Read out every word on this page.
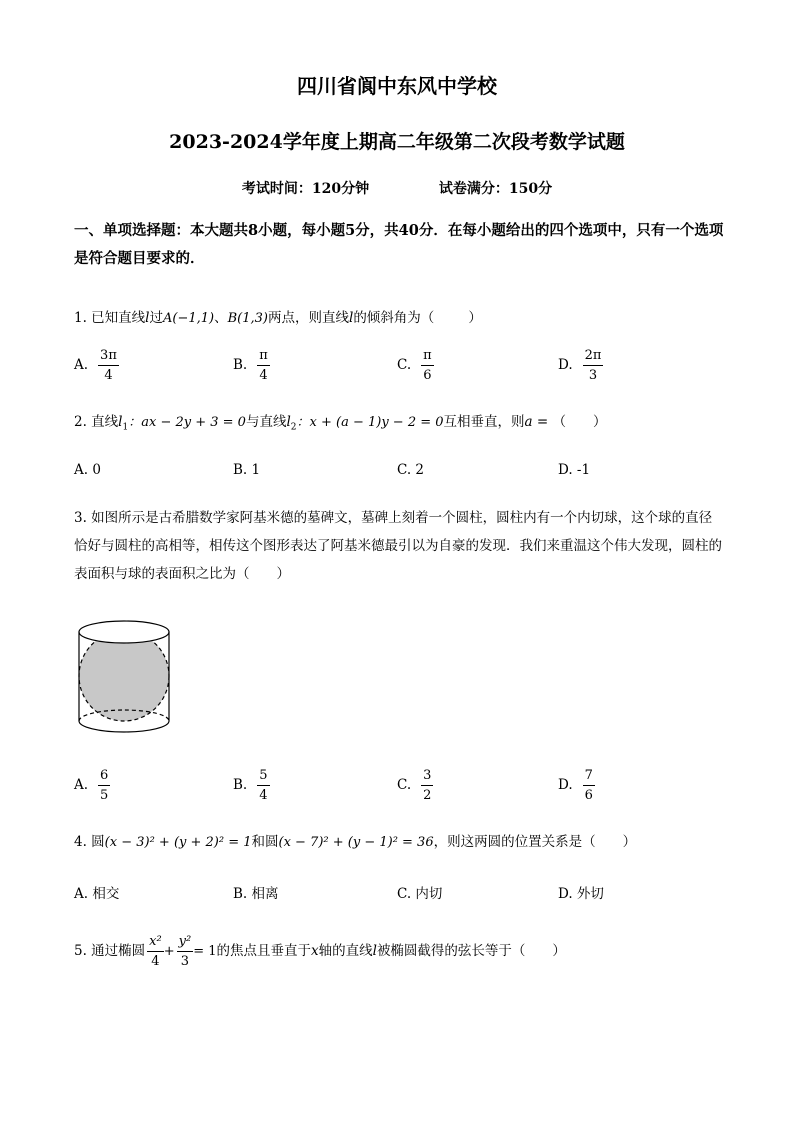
四川省阆中东风中学校
2023-2024学年度上期高二年级第二次段考数学试题
考试时间：120分钟	试卷满分：150分
一、单项选择题：本大题共8小题，每小题5分，共40分．在每小题给出的四个选项中，只有一个选项是符合题目要求的．
1. 已知直线l过A(−1,1)、B(1,3)两点，则直线l的倾斜角为（	）
A. $\frac{3\pi}{4}$	B. $\frac{\pi}{4}$	C. $\frac{\pi}{6}$	D. $\frac{2\pi}{3}$
2. 直线$l_1$：ax − 2y + 3 = 0与直线$l_2$：x + (a − 1)y − 2 = 0互相垂直，则a = （　　）
A. 0	B. 1	C. 2	D. -1
3. 如图所示是古希腊数学家阿基米德的墓碑文，墓碑上刻着一个圆柱，圆柱内有一个内切球，这个球的直径恰好与圆柱的高相等，相传这个图形表达了阿基米德最引以为自豪的发现．我们来重温这个伟大发现，圆柱的表面积与球的表面积之比为（　　）
A. $\frac{6}{5}$	B. $\frac{5}{4}$	C. $\frac{3}{2}$	D. $\frac{7}{6}$
4. 圆(x − 3)² + (y + 2)² = 1和圆(x − 7)² + (y − 1)² = 36，则这两圆的位置关系是（　　）
A. 相交	B. 相离	C. 内切	D. 外切
5. 通过椭圆 $\frac{\text{x²}}{4} + \frac{\text{y²}}{3} = 1$的焦点且垂直于x轴的直线l被椭圆截得的弦长等于（　　）
